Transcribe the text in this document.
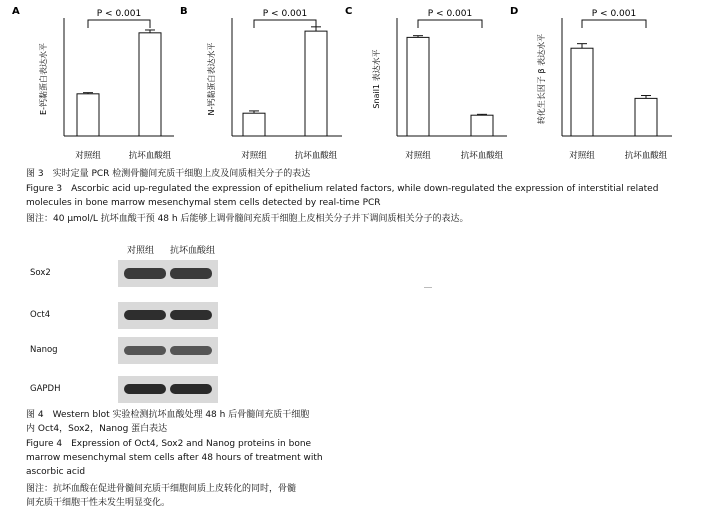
A
E-钙黏蛋白表达水平
对照组	抗坏血酸组
P < 0.001	B
N-钙黏蛋白表达水平
对照组	抗坏血酸组
P < 0.001	C
Snail1 表达水平
对照组	抗坏血酸组
P < 0.001	D
转化生长因子 β 表达水平
对照组	抗坏血酸组
P < 0.001
图 3　实时定量 PCR 检测骨髓间充质干细胞上皮及间质相关分子的表达
Figure 3　Ascorbic acid up-regulated the expression of epithelium related factors, while down-regulated the expression of interstitial related
molecules in bone marrow mesenchymal stem cells detected by real-time PCR
图注：40 μmol/L 抗坏血酸干预 48 h 后能够上调骨髓间充质干细胞上皮相关分子并下调间质相关分子的表达。
对照组 抗坏血酸组
Sox2
Oct4
Nanog
GAPDH
图 4　Western blot 实验检测抗坏血酸处理 48 h 后骨髓间充质干细胞
内 Oct4，Sox2，Nanog 蛋白表达
Figure 4　Expression of Oct4, Sox2 and Nanog proteins in bone
marrow mesenchymal stem cells after 48 hours of treatment with
ascorbic acid
图注：抗坏血酸在促进骨髓间充质干细胞间质上皮转化的同时，骨髓
间充质干细胞干性未发生明显变化。
